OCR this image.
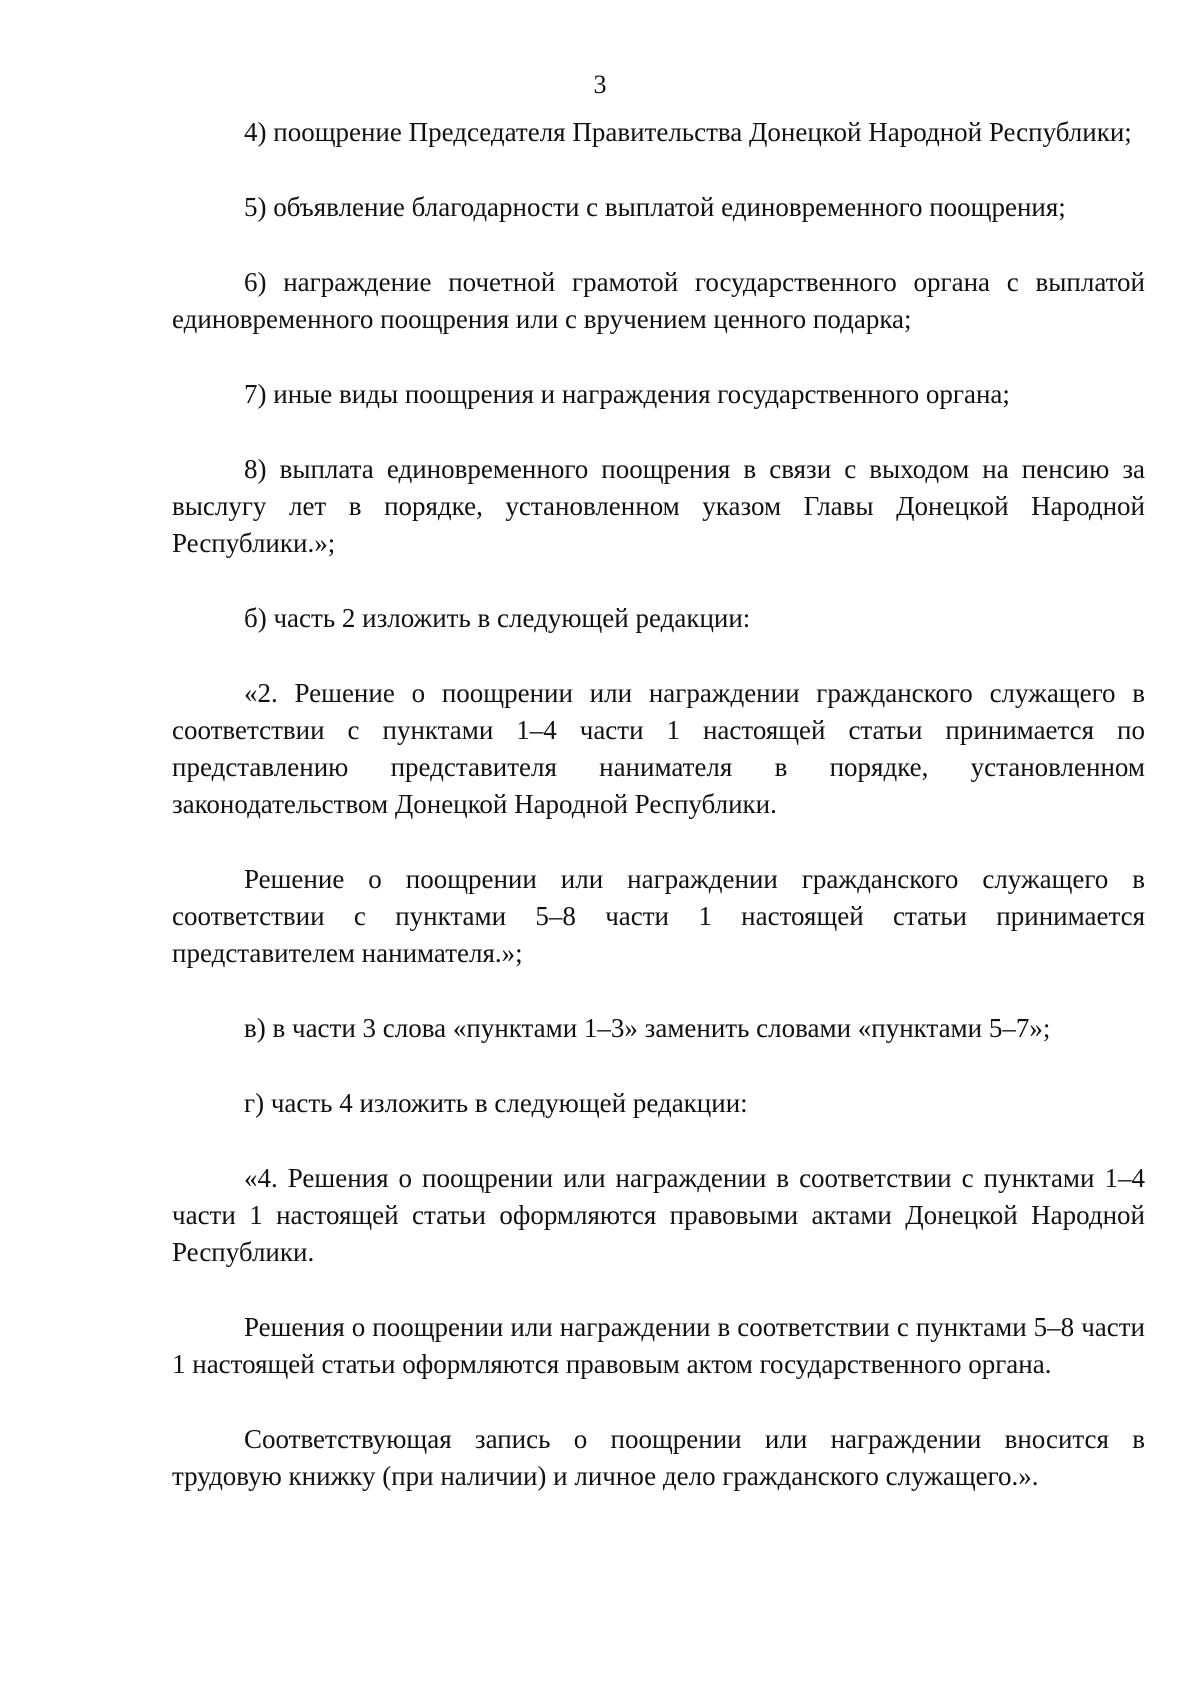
3

4) поощрение Председателя Правительства Донецкой Народной Республики;

5) объявление благодарности с выплатой единовременного поощрения;

6) награждение почетной грамотой государственного органа с выплатой единовременного поощрения или с вручением ценного подарка;

7) иные виды поощрения и награждения государственного органа;

8) выплата единовременного поощрения в связи с выходом на пенсию за выслугу лет в порядке, установленном указом Главы Донецкой Народной Республики.»;

б) часть 2 изложить в следующей редакции:

«2. Решение о поощрении или награждении гражданского служащего в соответствии с пунктами 1–4 части 1 настоящей статьи принимается по представлению представителя нанимателя в порядке, установленном законодательством Донецкой Народной Республики.

Решение о поощрении или награждении гражданского служащего в соответствии с пунктами 5–8 части 1 настоящей статьи принимается представителем нанимателя.»;

в) в части 3 слова «пунктами 1–3» заменить словами «пунктами 5–7»;

г) часть 4 изложить в следующей редакции:

«4. Решения о поощрении или награждении в соответствии с пунктами 1–4 части 1 настоящей статьи оформляются правовыми актами Донецкой Народной Республики.

Решения о поощрении или награждении в соответствии с пунктами 5–8 части 1 настоящей статьи оформляются правовым актом государственного органа.

Соответствующая запись о поощрении или награждении вносится в трудовую книжку (при наличии) и личное дело гражданского служащего.».
